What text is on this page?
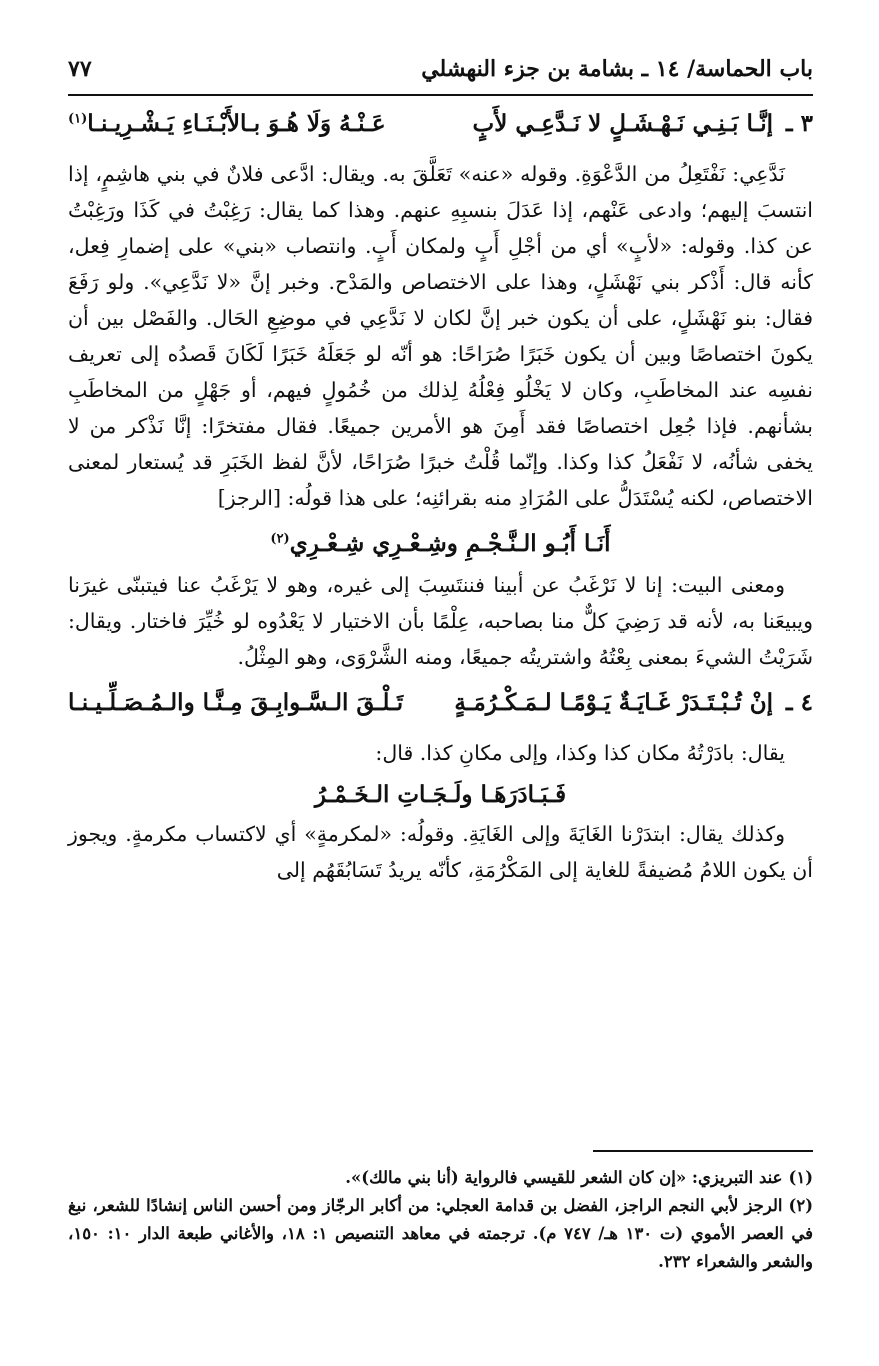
باب الحماسة/ ١٤ ـ بشامة بن جزء النهشلي
٧٧
٣ ـ
إنَّـا بَـنِـي نَـهْـشَـلٍ لا نَـدَّعِـي لأَبٍ
عَـنْـهُ وَلَا هُـوَ بـالأَبْـنَـاءِ يَـشْـرِيـنـا$^{(١)}$
نَدَّعِي: نَفْتَعِلُ من الدَّعْوَةِ. وقوله «عنه» تَعَلَّقَ به. ويقال: ادَّعى فلانٌ في بني هاشِمٍ، إذا انتسبَ إليهم؛ وادعى عَنْهم، إذا عَدَلَ بنسبِهِ عنهم. وهذا كما يقال: رَغِبْتُ في كَذَا ورَغِبْتُ عن كذا. وقوله: «لأبٍ» أي من أجْلِ أَبٍ ولمكان أَبٍ. وانتصاب «بني» على إضمارِ فِعل، كأنه قال: أَذْكر بني نَهْشَلٍ، وهذا على الاختصاص والمَدْح. وخبر إنَّ «لا نَدَّعِي». ولو رَفَعَ فقال: بنو نَهْشَلٍ، على أن يكون خبر إنَّ لكان لا نَدَّعِي في موضِعِ الحَال. والفَصْل بين أن يكونَ اختصاصًا وبين أن يكون خَبَرًا صُرَاحًا: هو أنّه لو جَعَلَهُ خَبَرًا لَكَانَ قَصدُه إلى تعريف نفسِه عند المخاطَبِ، وكان لا يَخْلُو فِعْلُهُ لِذلك من خُمُولٍ فيهم، أو جَهْلٍ من المخاطَبِ بشأنهم. فإذا جُعِل اختصاصًا فقد أَمِنَ هو الأمرين جميعًا. فقال مفتخرًا: إنَّا نَذْكر من لا يخفى شأنُه، لا نَفْعَلُ كذا وكذا. وإنّما قُلْتُ خبرًا صُرَاحًا، لأنَّ لفظ الخَبَرِ قد يُستعار لمعنى الاختصاص، لكنه يُسْتَدَلُّ على المُرَادِ منه بقرائنِه؛ على هذا قولُه: [الرجز]
أَنَـا أَبُـو الـنَّـجْـمِ وشِـعْـرِي شِـعْـرِي$^{(٢)}$
ومعنى البيت: إنا لا نَرْغَبُ عن أبينا فننتَسِبَ إلى غيره، وهو لا يَرْغَبُ عنا فيتبنّى غيرَنا ويبيعَنا به، لأنه قد رَضِيَ كلٌّ منا بصاحبه، عِلْمًا بأن الاختيار لا يَعْدُوه لو خُيِّرَ فاختار. ويقال: شَرَيْتُ الشيءَ بمعنى بِعْتُهُ واشتريتُه جميعًا، ومنه الشَّرْوَى، وهو المِثْلُ.
٤ ـ
إنْ تُـبْـتَـدَرْ غَـايَـةٌ يَـوْمًـا لـمَـكْـرُمَـةٍ
تَـلْـقَ الـسَّـوابِـقَ مِـنَّـا والـمُـصَـلِّـيـنـا
يقال: بادَرْتُهُ مكان كذا وكذا، وإلى مكانِ كذا. قال:
فَـبَـادَرَهَـا ولَـجَـاتِ الـخَـمْـرُ
وكذلك يقال: ابتدَرْنا الغَايَةَ وإلى الغَايَةِ. وقولُه: «لمكرمةٍ» أي لاكتساب مكرمةٍ. ويجوز أن يكون اللامُ مُضيفةً للغاية إلى المَكْرُمَةِ، كأنّه يريدُ تَسَابُقَهُم إلى
(١)عند التبريزي: «إن كان الشعر للقيسي فالرواية (أنا بني مالك)».
(٢)الرجز لأبي النجم الراجز، الفضل بن قدامة العجلي: من أكابر الرجّاز ومن أحسن الناس إنشادًا للشعر، نبغ في العصر الأموي (ت ١٣٠ هـ/ ٧٤٧ م). ترجمته في معاهد التنصيص ١: ١٨، والأغاني طبعة الدار ١٠: ١٥٠، والشعر والشعراء ٢٣٢.
